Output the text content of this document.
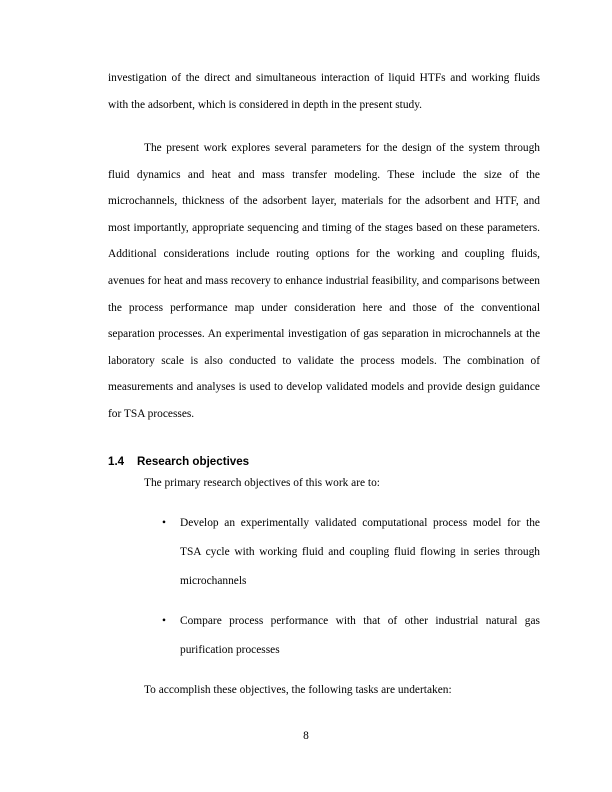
investigation of the direct and simultaneous interaction of liquid HTFs and working fluids with the adsorbent, which is considered in depth in the present study.

The present work explores several parameters for the design of the system through fluid dynamics and heat and mass transfer modeling. These include the size of the microchannels, thickness of the adsorbent layer, materials for the adsorbent and HTF, and most importantly, appropriate sequencing and timing of the stages based on these parameters. Additional considerations include routing options for the working and coupling fluids, avenues for heat and mass recovery to enhance industrial feasibility, and comparisons between the process performance map under consideration here and those of the conventional separation processes. An experimental investigation of gas separation in microchannels at the laboratory scale is also conducted to validate the process models. The combination of measurements and analyses is used to develop validated models and provide design guidance for TSA processes.

1.4 Research objectives

The primary research objectives of this work are to:

• Develop an experimentally validated computational process model for the TSA cycle with working fluid and coupling fluid flowing in series through microchannels
• Compare process performance with that of other industrial natural gas purification processes

To accomplish these objectives, the following tasks are undertaken:

8
